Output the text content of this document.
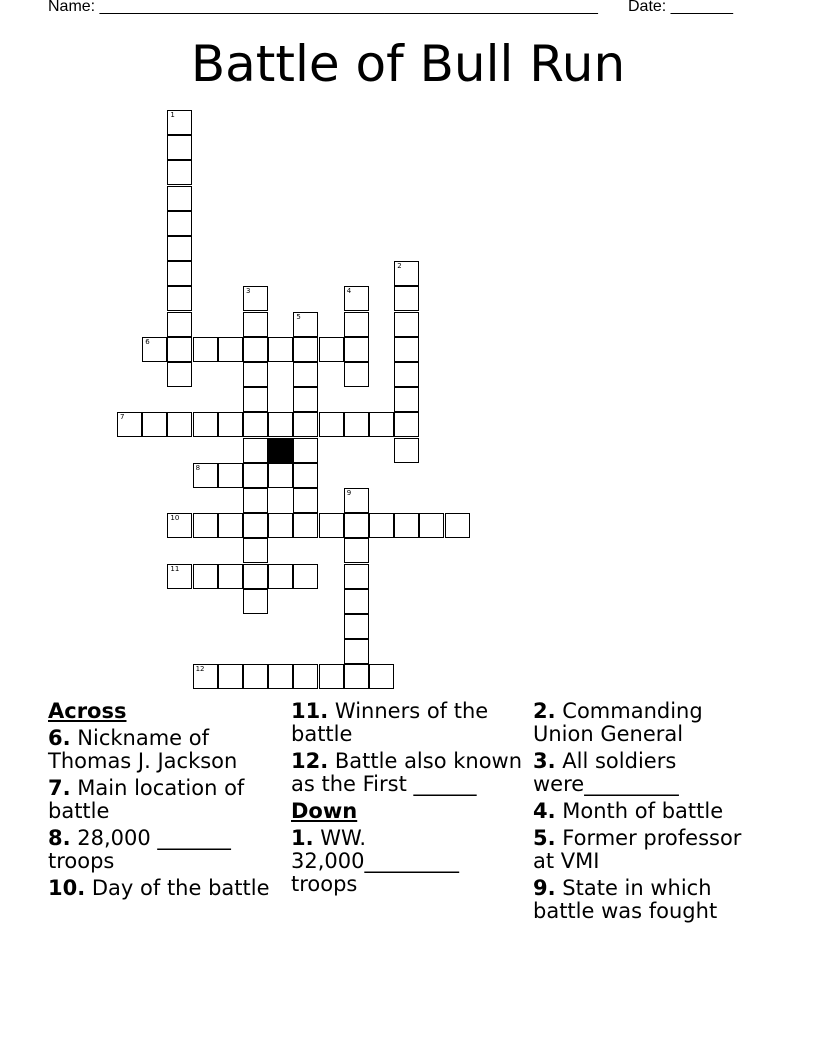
Name: ________________________________________________________ Date: _______
Battle of Bull Run
1
2
3	4
5
6
7
8
9
10
11
12
Across
6. Nickname of Thomas J. Jackson
7. Main location of battle
8. 28,000 _______ troops
10. Day of the battle
11. Winners of the battle
12. Battle also known as the First ______
Down
1. WW. 32,000_________ troops
2. Commanding Union General
3. All soldiers were_________
4. Month of battle
5. Former professor at VMI
9. State in which battle was fought
